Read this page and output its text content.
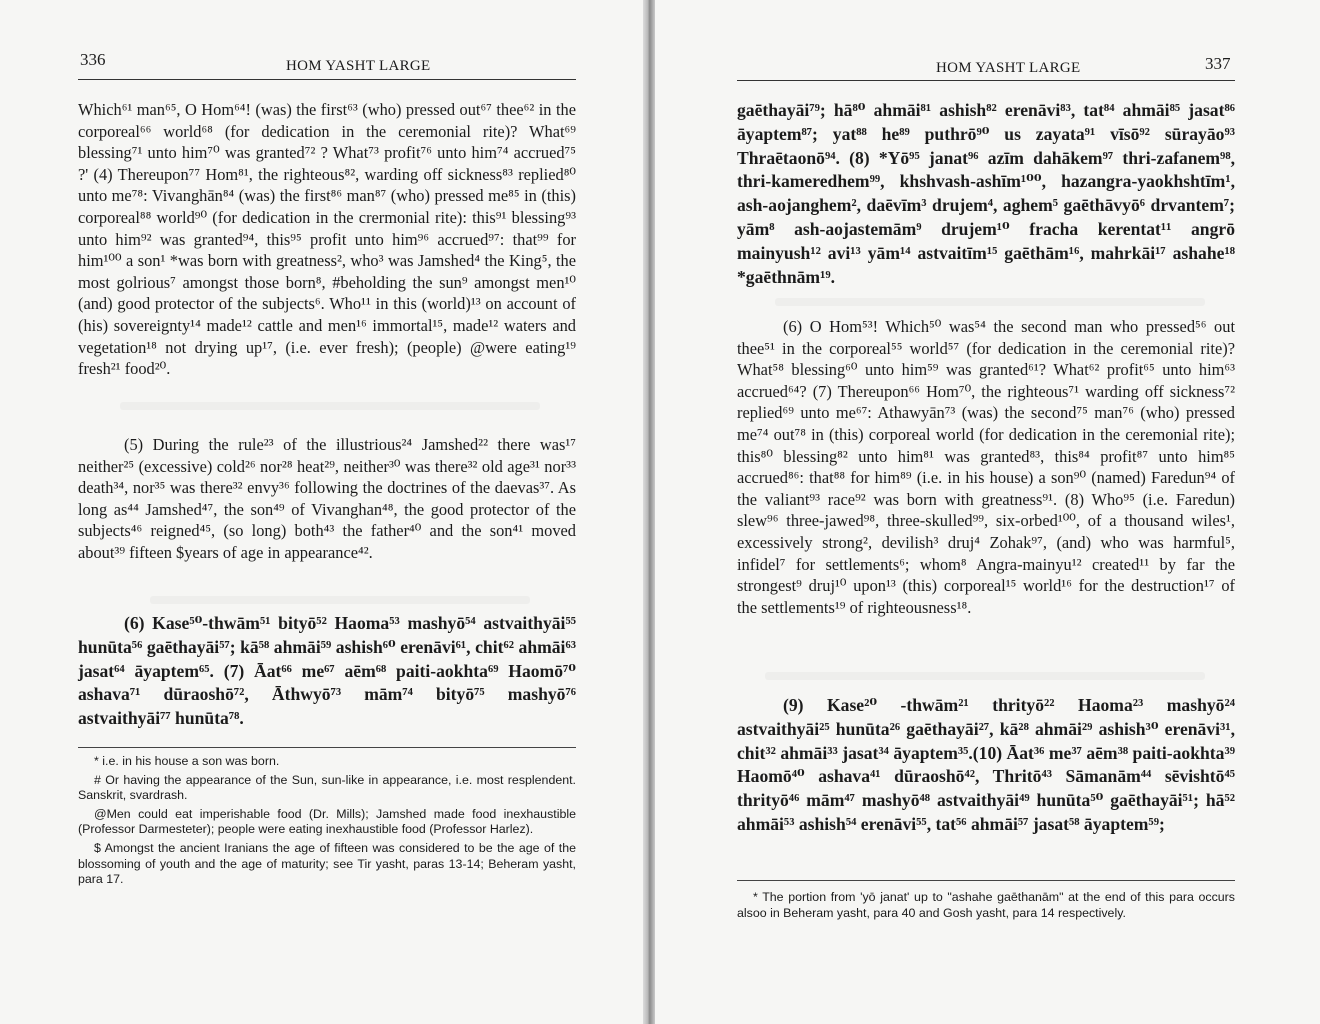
336	HOM YASHT LARGE

Which⁶¹ man⁶⁵, O Hom⁶⁴! (was) the first⁶³ (who) pressed out⁶⁷ thee⁶² in the corporeal⁶⁶ world⁶⁸ (for dedication in the ceremonial rite)? What⁶⁹ blessing⁷¹ unto him⁷⁰ was granted⁷² ? What⁷³ profit⁷⁶ unto him⁷⁴ accrued⁷⁵ ?' (4) Thereupon⁷⁷ Hom⁸¹, the righteous⁸², warding off sickness⁸³ replied⁸⁰ unto me⁷⁸: Vivanghān⁸⁴ (was) the first⁸⁶ man⁸⁷ (who) pressed me⁸⁵ in (this) corporeal⁸⁸ world⁹⁰ (for dedication in the crermonial rite): this⁹¹ blessing⁹³ unto him⁹² was granted⁹⁴, this⁹⁵ profit unto him⁹⁶ accrued⁹⁷: that⁹⁹ for him¹⁰⁰ a son¹ *was born with greatness², who³ was Jamshed⁴ the King⁵, the most golrious⁷ amongst those born⁸, #beholding the sun⁹ amongst men¹⁰ (and) good protector of the subjects⁶. Who¹¹ in this (world)¹³ on account of (his) sovereignty¹⁴ made¹² cattle and men¹⁶ immortal¹⁵, made¹² waters and vegetation¹⁸ not drying up¹⁷, (i.e. ever fresh); (people) @were eating¹⁹ fresh²¹ food²⁰.

(5) During the rule²³ of the illustrious²⁴ Jamshed²² there was¹⁷ neither²⁵ (excessive) cold²⁶ nor²⁸ heat²⁹, neither³⁰ was there³² old age³¹ nor³³ death³⁴, nor³⁵ was there³² envy³⁶ following the doctrines of the daevas³⁷. As long as⁴⁴ Jamshed⁴⁷, the son⁴⁹ of Vivanghan⁴⁸, the good protector of the subjects⁴⁶ reigned⁴⁵, (so long) both⁴³ the father⁴⁰ and the son⁴¹ moved about³⁹ fifteen $years of age in appearance⁴².

(6) Kase⁵⁰-thwām⁵¹ bityō⁵² Haoma⁵³ mashyō⁵⁴ astvaithyāi⁵⁵ hunūta⁵⁶ gaēthayāi⁵⁷; kā⁵⁸ ahmāi⁵⁹ ashish⁶⁰ erenāvi⁶¹, chit⁶² ahmāi⁶³ jasat⁶⁴ āyaptem⁶⁵. (7) Āat⁶⁶ me⁶⁷ aēm⁶⁸ paiti-aokhta⁶⁹ Haomō⁷⁰ ashava⁷¹ dūraoshō⁷², Āthwyō⁷³ mām⁷⁴ bityō⁷⁵ mashyō⁷⁶ astvaithyāi⁷⁷ hunūta⁷⁸.

* i.e. in his house a son was born.

# Or having the appearance of the Sun, sun-like in appearance, i.e. most resplendent. Sanskrit, svardrash.

@Men could eat imperishable food (Dr. Mills); Jamshed made food inexhaustible (Professor Darmesteter); people were eating inexhaustible food (Professor Harlez).

$ Amongst the ancient Iranians the age of fifteen was considered to be the age of the blossoming of youth and the age of maturity; see Tir yasht, paras 13-14; Beheram yasht, para 17.

HOM YASHT LARGE	337

gaēthayāi⁷⁹; hā⁸⁰ ahmāi⁸¹ ashish⁸² erenāvi⁸³, tat⁸⁴ ahmāi⁸⁵ jasat⁸⁶ āyaptem⁸⁷; yat⁸⁸ he⁸⁹ puthrō⁹⁰ us zayata⁹¹ vīsō⁹² sūrayāo⁹³ Thraētaonō⁹⁴. (8) *Yō⁹⁵ janat⁹⁶ azīm dahākem⁹⁷ thri-zafanem⁹⁸, thri-kameredhem⁹⁹, khshvash-ashīm¹⁰⁰, hazangra-yaokhshtīm¹, ash-aojanghem², daēvīm³ drujem⁴, aghem⁵ gaēthāvyō⁶ drvantem⁷; yām⁸ ash-aojastemām⁹ drujem¹⁰ fracha kerentat¹¹ angrō mainyush¹² avi¹³ yām¹⁴ astvaitīm¹⁵ gaēthām¹⁶, mahrkāi¹⁷ ashahe¹⁸ *gaēthnām¹⁹.

(6) O Hom⁵³! Which⁵⁰ was⁵⁴ the second man who pressed⁵⁶ out thee⁵¹ in the corporeal⁵⁵ world⁵⁷ (for dedication in the ceremonial rite)? What⁵⁸ blessing⁶⁰ unto him⁵⁹ was granted⁶¹? What⁶² profit⁶⁵ unto him⁶³ accrued⁶⁴? (7) Thereupon⁶⁶ Hom⁷⁰, the righteous⁷¹ warding off sickness⁷² replied⁶⁹ unto me⁶⁷: Athawyān⁷³ (was) the second⁷⁵ man⁷⁶ (who) pressed me⁷⁴ out⁷⁸ in (this) corporeal world (for dedication in the ceremonial rite); this⁸⁰ blessing⁸² unto him⁸¹ was granted⁸³, this⁸⁴ profit⁸⁷ unto him⁸⁵ accrued⁸⁶: that⁸⁸ for him⁸⁹ (i.e. in his house) a son⁹⁰ (named) Faredun⁹⁴ of the valiant⁹³ race⁹² was born with greatness⁹¹. (8) Who⁹⁵ (i.e. Faredun) slew⁹⁶ three-jawed⁹⁸, three-skulled⁹⁹, six-orbed¹⁰⁰, of a thousand wiles¹, excessively strong², devilish³ druj⁴ Zohak⁹⁷, (and) who was harmful⁵, infidel⁷ for settlements⁶; whom⁸ Angra-mainyu¹² created¹¹ by far the strongest⁹ druj¹⁰ upon¹³ (this) corporeal¹⁵ world¹⁶ for the destruction¹⁷ of the settlements¹⁹ of righteousness¹⁸.

(9) Kase²⁰ -thwām²¹ thrityō²² Haoma²³ mashyō²⁴ astvaithyāi²⁵ hunūta²⁶ gaēthayāi²⁷, kā²⁸ ahmāi²⁹ ashish³⁰ erenāvi³¹, chit³² ahmāi³³ jasat³⁴ āyaptem³⁵.(10) Āat³⁶ me³⁷ aēm³⁸ paiti-aokhta³⁹ Haomō⁴⁰ ashava⁴¹ dūraoshō⁴², Thritō⁴³ Sāmanām⁴⁴ sēvishtō⁴⁵ thrityō⁴⁶ mām⁴⁷ mashyō⁴⁸ astvaithyāi⁴⁹ hunūta⁵⁰ gaēthayāi⁵¹; hā⁵² ahmāi⁵³ ashish⁵⁴ erenāvi⁵⁵, tat⁵⁶ ahmāi⁵⁷ jasat⁵⁸ āyaptem⁵⁹;

* The portion from 'yō janat' up to "ashahe gaēthanām" at the end of this para occurs alsoo in Beheram yasht, para 40 and Gosh yasht, para 14 respectively.
